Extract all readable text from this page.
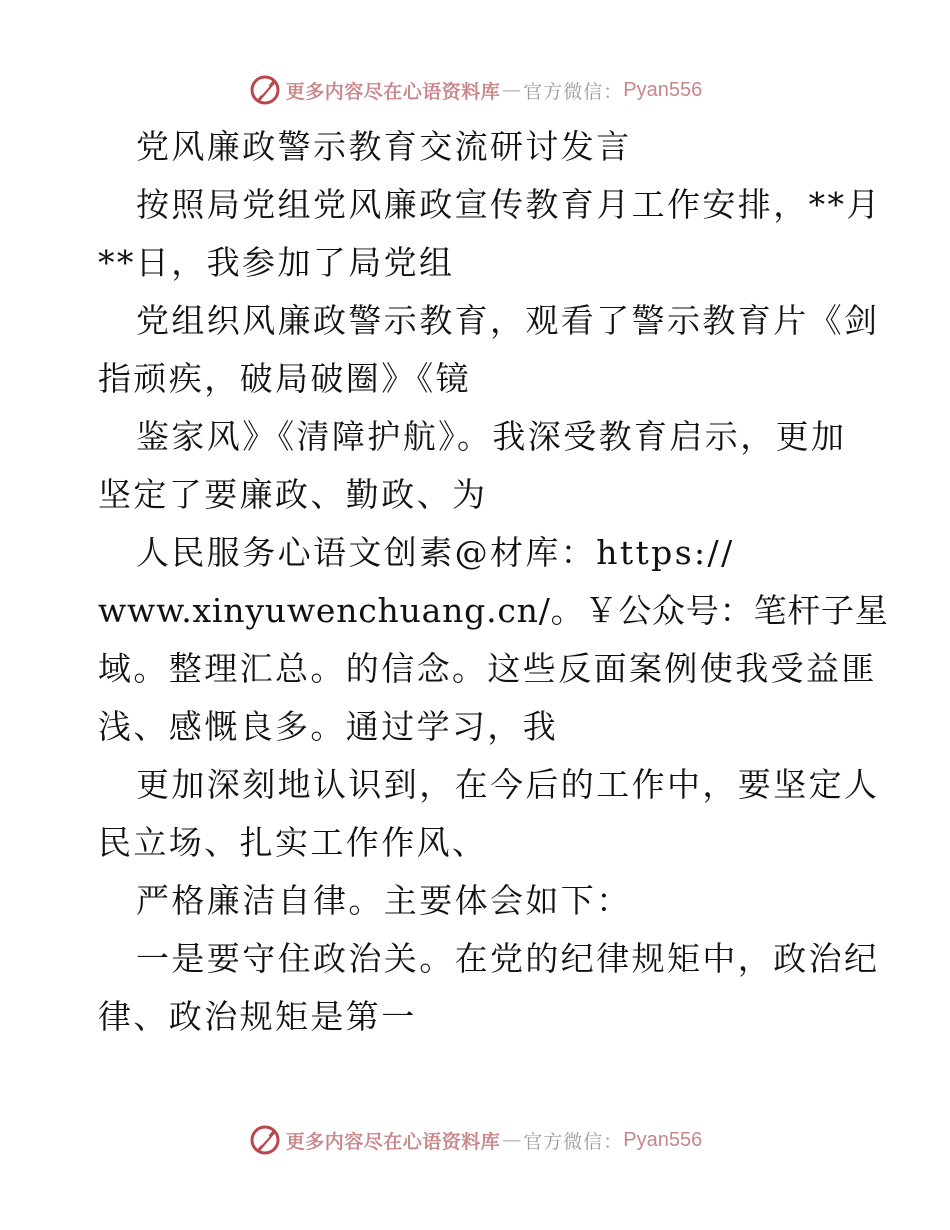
更多内容尽在心语资料库 — 官方微信： Pyan556
党风廉政警示教育交流研讨发言
按照局党组党风廉政宣传教育月工作安排，**月
**日，我参加了局党组
党组织风廉政警示教育，观看了警示教育片《剑
指顽疾，破局破圈》《镜
鉴家风》《清障护航》。我深受教育启示，更加
坚定了要廉政、勤政、为
人民服务心语文创素@材库：https://
www.xinyuwenchuang.cn/。￥公众号：笔杆子星
域。整理汇总。的信念。这些反面案例使我受益匪
浅、感慨良多。通过学习，我
更加深刻地认识到，在今后的工作中，要坚定人
民立场、扎实工作作风、
严格廉洁自律。主要体会如下：
一是要守住政治关。在党的纪律规矩中，政治纪
律、政治规矩是第一
更多内容尽在心语资料库 — 官方微信： Pyan556
